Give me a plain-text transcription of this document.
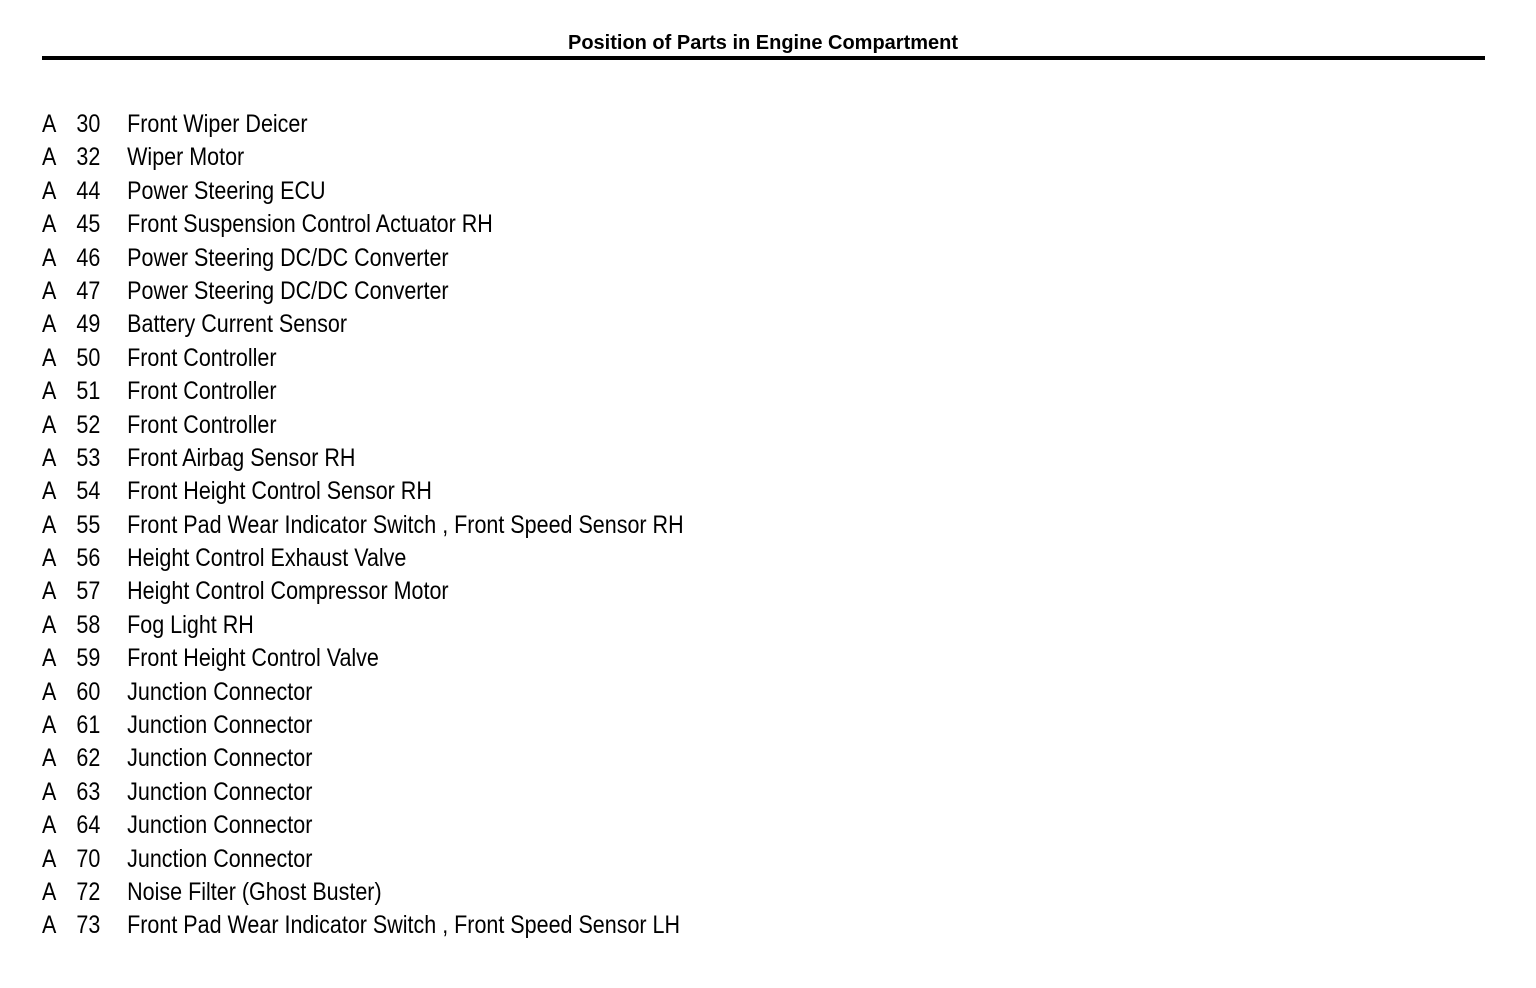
Position of Parts in Engine Compartment
A 30 Front Wiper Deicer
A 32 Wiper Motor
A 44 Power Steering ECU
A 45 Front Suspension Control Actuator RH
A 46 Power Steering DC/DC Converter
A 47 Power Steering DC/DC Converter
A 49 Battery Current Sensor
A 50 Front Controller
A 51 Front Controller
A 52 Front Controller
A 53 Front Airbag Sensor RH
A 54 Front Height Control Sensor RH
A 55 Front Pad Wear Indicator Switch , Front Speed Sensor RH
A 56 Height Control Exhaust Valve
A 57 Height Control Compressor Motor
A 58 Fog Light RH
A 59 Front Height Control Valve
A 60 Junction Connector
A 61 Junction Connector
A 62 Junction Connector
A 63 Junction Connector
A 64 Junction Connector
A 70 Junction Connector
A 72 Noise Filter (Ghost Buster)
A 73 Front Pad Wear Indicator Switch , Front Speed Sensor LH
